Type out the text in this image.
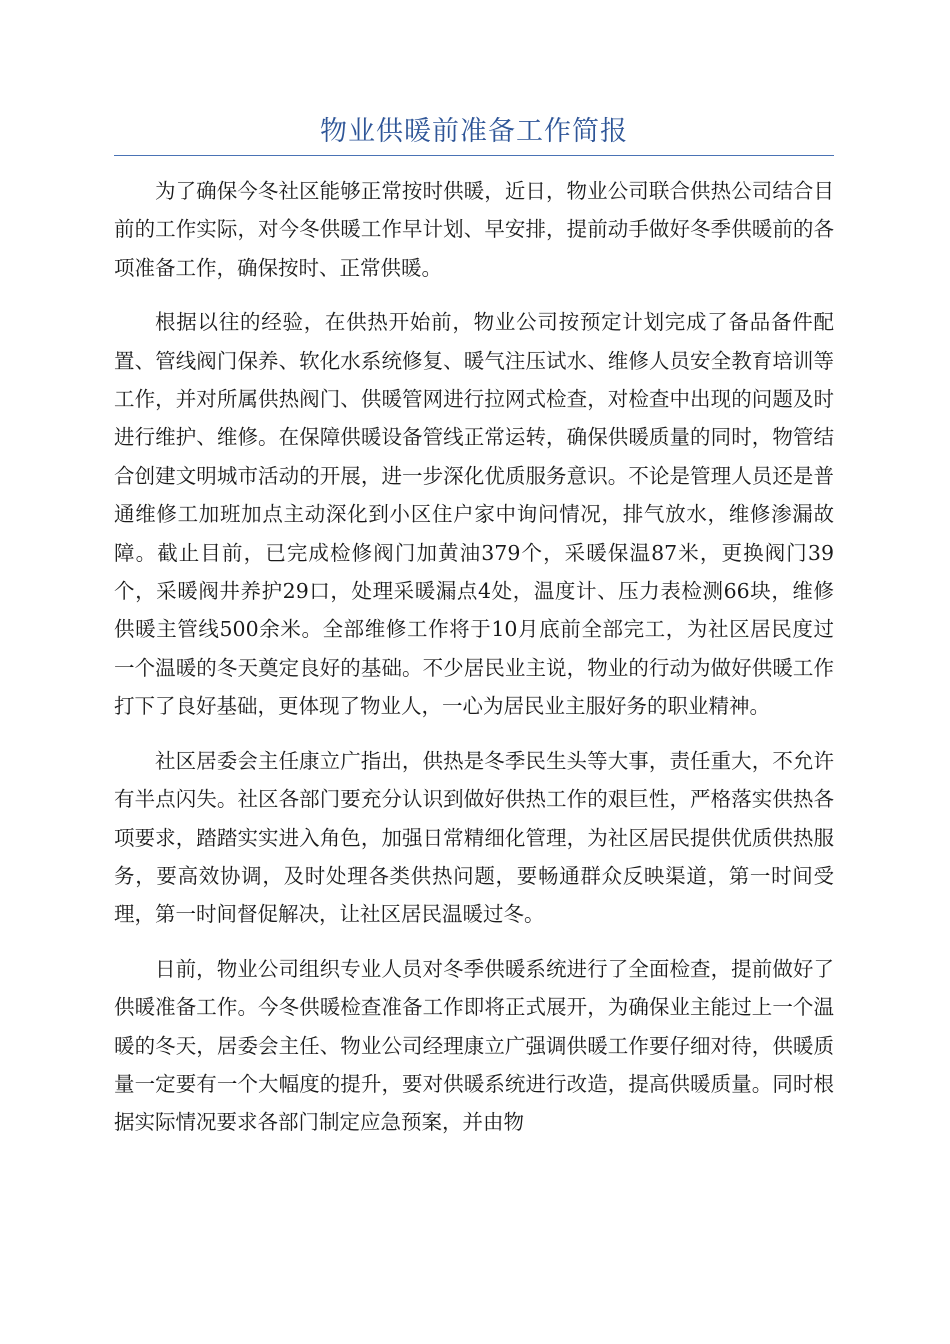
物业供暖前准备工作简报

为了确保今冬社区能够正常按时供暖，近日，物业公司联合供热公司结合目前的工作实际，对今冬供暖工作早计划、早安排，提前动手做好冬季供暖前的各项准备工作，确保按时、正常供暖。

根据以往的经验，在供热开始前，物业公司按预定计划完成了备品备件配置、管线阀门保养、软化水系统修复、暖气注压试水、维修人员安全教育培训等工作，并对所属供热阀门、供暖管网进行拉网式检查，对检查中出现的问题及时进行维护、维修。在保障供暖设备管线正常运转，确保供暖质量的同时，物管结合创建文明城市活动的开展，进一步深化优质服务意识。不论是管理人员还是普通维修工加班加点主动深化到小区住户家中询问情况，排气放水，维修渗漏故障。截止目前，已完成检修阀门加黄油379个，采暖保温87米，更换阀门39个，采暖阀井养护29口，处理采暖漏点4处，温度计、压力表检测66块，维修供暖主管线500余米。全部维修工作将于10月底前全部完工，为社区居民度过一个温暖的冬天奠定良好的基础。不少居民业主说，物业的行动为做好供暖工作打下了良好基础，更体现了物业人，一心为居民业主服好务的职业精神。

社区居委会主任康立广指出，供热是冬季民生头等大事，责任重大，不允许有半点闪失。社区各部门要充分认识到做好供热工作的艰巨性，严格落实供热各项要求，踏踏实实进入角色，加强日常精细化管理，为社区居民提供优质供热服务，要高效协调，及时处理各类供热问题，要畅通群众反映渠道，第一时间受理，第一时间督促解决，让社区居民温暖过冬。

日前，物业公司组织专业人员对冬季供暖系统进行了全面检查，提前做好了供暖准备工作。今冬供暖检查准备工作即将正式展开，为确保业主能过上一个温暖的冬天，居委会主任、物业公司经理康立广强调供暖工作要仔细对待，供暖质量一定要有一个大幅度的提升，要对供暖系统进行改造，提高供暖质量。同时根据实际情况要求各部门制定应急预案，并由物
